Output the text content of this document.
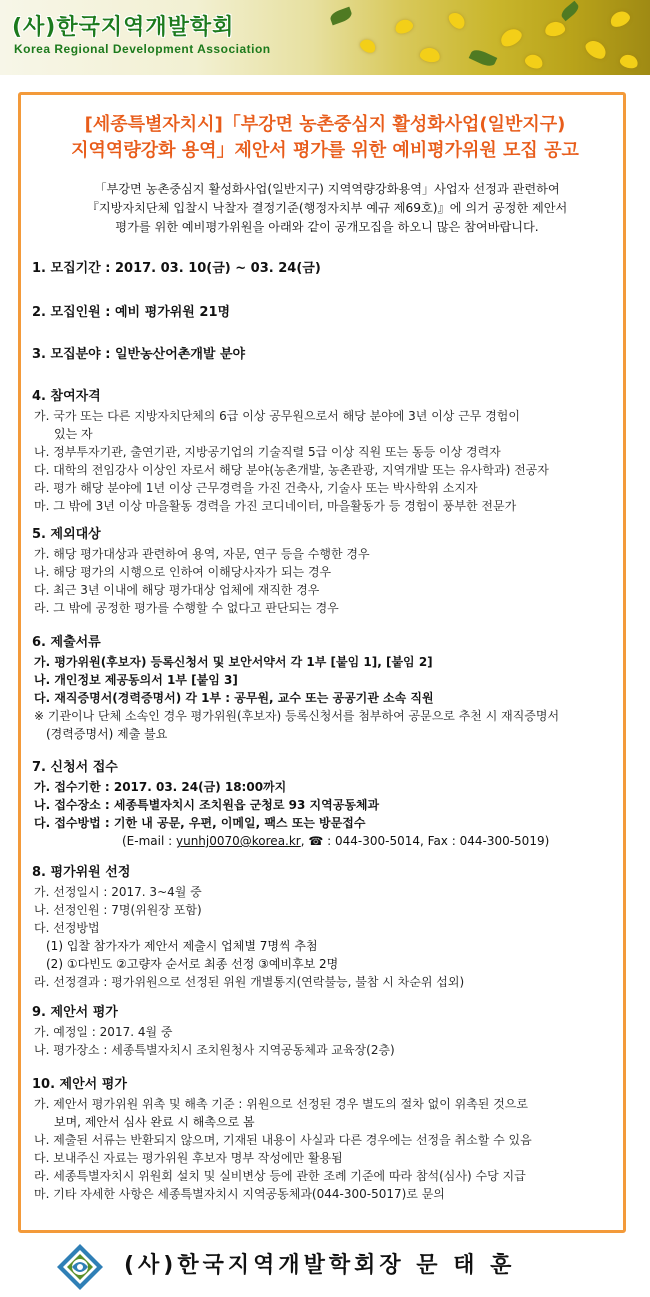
(사)한국지역개발학회
Korea Regional Development Association
[세종특별자치시]「부강면 농촌중심지 활성화사업(일반지구)
지역역량강화 용역」제안서 평가를 위한 예비평가위원 모집 공고
「부강면 농촌중심지 활성화사업(일반지구) 지역역량강화용역」사업자 선정과 관련하여
『지방자치단체 입찰시 낙찰자 결정기준(행정자치부 예규 제69호)』에 의거 공정한 제안서
평가를 위한 예비평가위원을 아래와 같이 공개모집을 하오니 많은 참여바랍니다.
1. 모집기간 : 2017. 03. 10(금) ~ 03. 24(금)
2. 모집인원 : 예비 평가위원 21명
3. 모집분야 : 일반농산어촌개발 분야
4. 참여자격
가. 국가 또는 다른 지방자치단체의 6급 이상 공무원으로서 해당 분야에 3년 이상 근무 경험이
있는 자
나. 정부투자기관, 출연기관, 지방공기업의 기술직렬 5급 이상 직원 또는 동등 이상 경력자
다. 대학의 전임강사 이상인 자로서 해당 분야(농촌개발, 농촌관광, 지역개발 또는 유사학과) 전공자
라. 평가 해당 분야에 1년 이상 근무경력을 가진 건축사, 기술사 또는 박사학위 소지자
마. 그 밖에 3년 이상 마을활동 경력을 가진 코디네이터, 마을활동가 등 경험이 풍부한 전문가
5. 제외대상
가. 해당 평가대상과 관련하여 용역, 자문, 연구 등을 수행한 경우
나. 해당 평가의 시행으로 인하여 이해당사자가 되는 경우
다. 최근 3년 이내에 해당 평가대상 업체에 재직한 경우
라. 그 밖에 공정한 평가를 수행할 수 없다고 판단되는 경우
6. 제출서류
가. 평가위원(후보자) 등록신청서 및 보안서약서 각 1부 [붙임 1], [붙임 2]
나. 개인정보 제공동의서 1부 [붙임 3]
다. 재직증명서(경력증명서) 각 1부 : 공무원, 교수 또는 공공기관 소속 직원
※ 기관이나 단체 소속인 경우 평가위원(후보자) 등록신청서를 첨부하여 공문으로 추천 시 재직증명서
(경력증명서) 제출 불요
7. 신청서 접수
가. 접수기한 : 2017. 03. 24(금) 18:00까지
나. 접수장소 : 세종특별자치시 조치원읍 군청로 93 지역공동체과
다. 접수방법 : 기한 내 공문, 우편, 이메일, 팩스 또는 방문접수
(E-mail : yunhj0070@korea.kr, ☎ : 044-300-5014, Fax : 044-300-5019)
8. 평가위원 선정
가. 선정일시 : 2017. 3~4월 중
나. 선정인원 : 7명(위원장 포함)
다. 선정방법
(1) 입찰 참가자가 제안서 제출시 업체별 7명씩 추첨
(2) ①다빈도 ②고량자 순서로 최종 선정 ③예비후보 2명
라. 선정결과 : 평가위원으로 선정된 위원 개별통지(연락불능, 불참 시 차순위 섭외)
9. 제안서 평가
가. 예정일 : 2017. 4월 중
나. 평가장소 : 세종특별자치시 조치원청사 지역공동체과 교육장(2층)
10. 제안서 평가
가. 제안서 평가위원 위촉 및 해촉 기준 : 위원으로 선정된 경우 별도의 절차 없이 위촉된 것으로
보며, 제안서 심사 완료 시 해촉으로 봄
나. 제출된 서류는 반환되지 않으며, 기재된 내용이 사실과 다른 경우에는 선정을 취소할 수 있음
다. 보내주신 자료는 평가위원 후보자 명부 작성에만 활용됨
라. 세종특별자치시 위원회 설치 및 실비변상 등에 관한 조례 기준에 따라 참석(심사) 수당 지급
마. 기타 자세한 사항은 세종특별자치시 지역공동체과(044-300-5017)로 문의
(사)한국지역개발학회장 문 태 훈
